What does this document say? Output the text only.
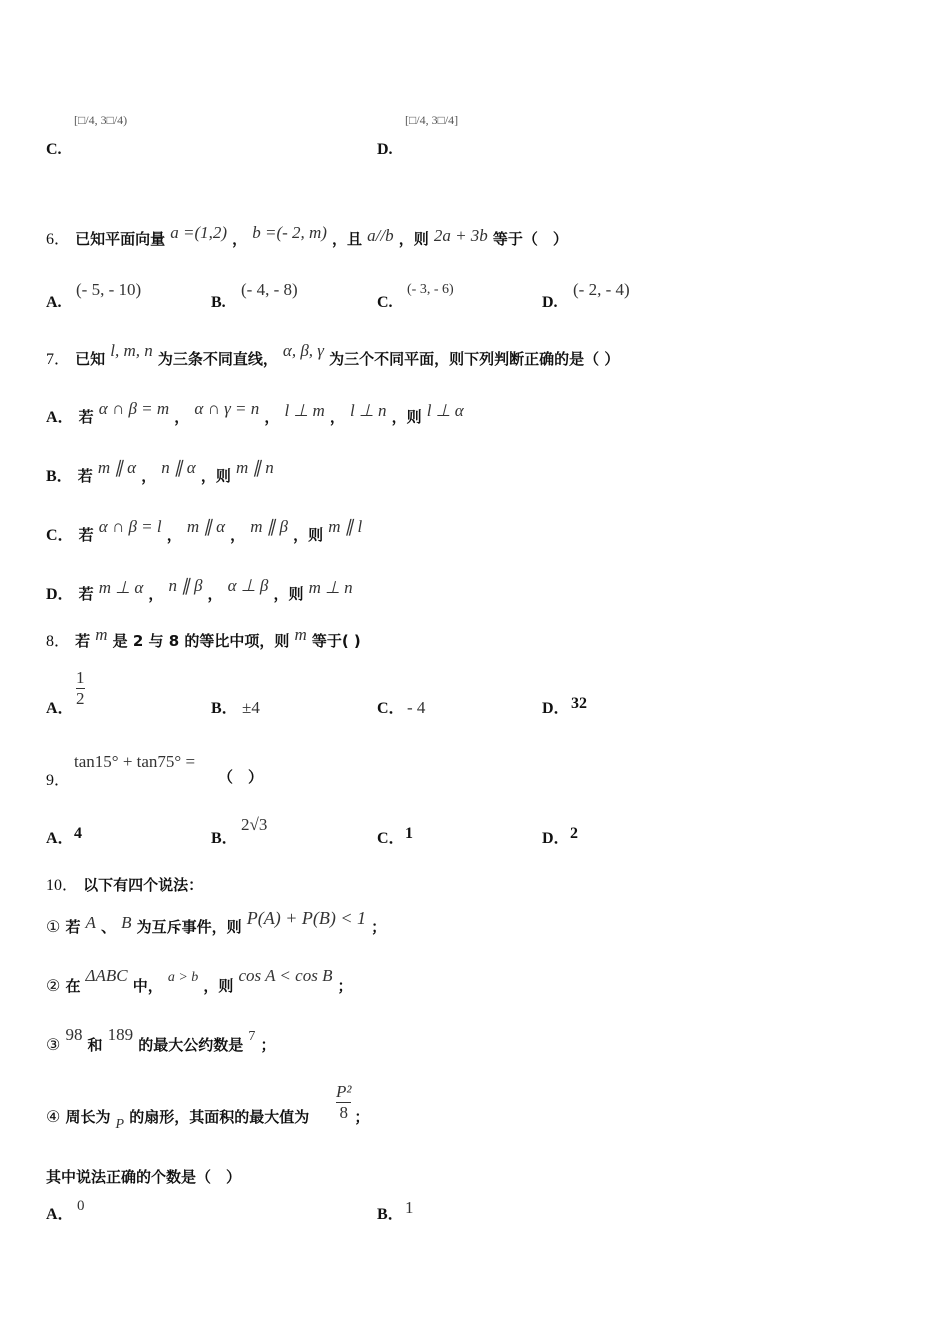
[□/4, 3□/4)
C.
[□/4, 3□/4]
D.
6． 已知平面向量 a =(1,2) ， b =(- 2, m) ，且 a//b ，则 2a + 3b 等于（　）
A.
(- 5, - 10)
B.
(- 4, - 8)
C.
(- 3, - 6)
D.
(- 2, - 4)
7． 已知 l, m, n 为三条不同直线， α, β, γ 为三个不同平面，则下列判断正确的是（ ）
A． 若 α ∩ β = m ， α ∩ γ = n ， l ⊥ m ， l ⊥ n ，则 l ⊥ α
B． 若 m ∥ α ， n ∥ α ，则 m ∥ n
C． 若 α ∩ β = l ， m ∥ α ， m ∥ β ，则 m ∥ l
D． 若 m ⊥ α ， n ∥ β ， α ⊥ β ，则 m ⊥ n
8． 若 m 是 2 与 8 的等比中项，则 m 等于( )
A． $\frac{1}{2}$	B． ±4	C． - 4	D． 32
9．
tan15° + tan75° =
（　）
A． 4	B．
2√3
C． 1	D． 2
10． 以下有四个说法：
① 若 A 、 B 为互斥事件，则 P(A) + P(B) < 1 ；
② 在 ΔABC 中， a > b ，则 cos A < cos B ；
③ 98 和 189 的最大公约数是 7 ；
④ 周长为 P 的扇形，其面积的最大值为	；
$\frac{\text{P²}}{8}$
其中说法正确的个数是（　）
A． 0	B． 1
